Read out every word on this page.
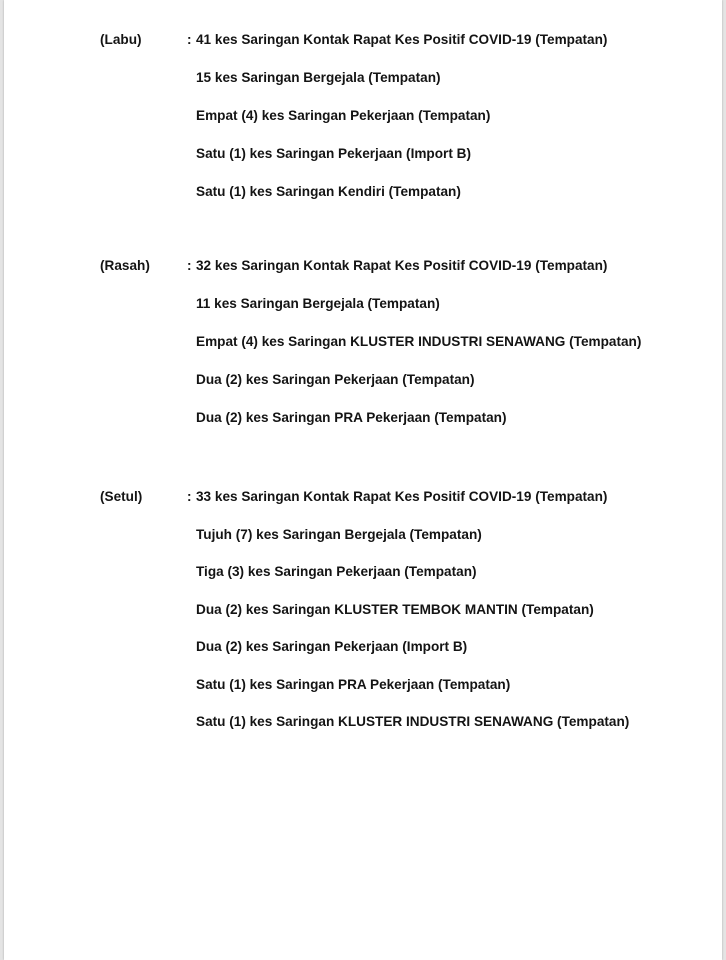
(Labu)	: 41 kes Saringan Kontak Rapat Kes Positif COVID-19 (Tempatan)
15 kes Saringan Bergejala (Tempatan)
Empat (4) kes Saringan Pekerjaan (Tempatan)
Satu (1) kes Saringan Pekerjaan (Import B)
Satu (1) kes Saringan Kendiri (Tempatan)
(Rasah)	: 32 kes Saringan Kontak Rapat Kes Positif COVID-19 (Tempatan)
11 kes Saringan Bergejala (Tempatan)
Empat (4) kes Saringan KLUSTER INDUSTRI SENAWANG (Tempatan)
Dua (2) kes Saringan Pekerjaan (Tempatan)
Dua (2) kes Saringan PRA Pekerjaan (Tempatan)
(Setul)	: 33 kes Saringan Kontak Rapat Kes Positif COVID-19 (Tempatan)
Tujuh (7) kes Saringan Bergejala (Tempatan)
Tiga (3) kes Saringan Pekerjaan (Tempatan)
Dua (2) kes Saringan KLUSTER TEMBOK MANTIN (Tempatan)
Dua (2) kes Saringan Pekerjaan (Import B)
Satu (1) kes Saringan PRA Pekerjaan (Tempatan)
Satu (1) kes Saringan KLUSTER INDUSTRI SENAWANG (Tempatan)
